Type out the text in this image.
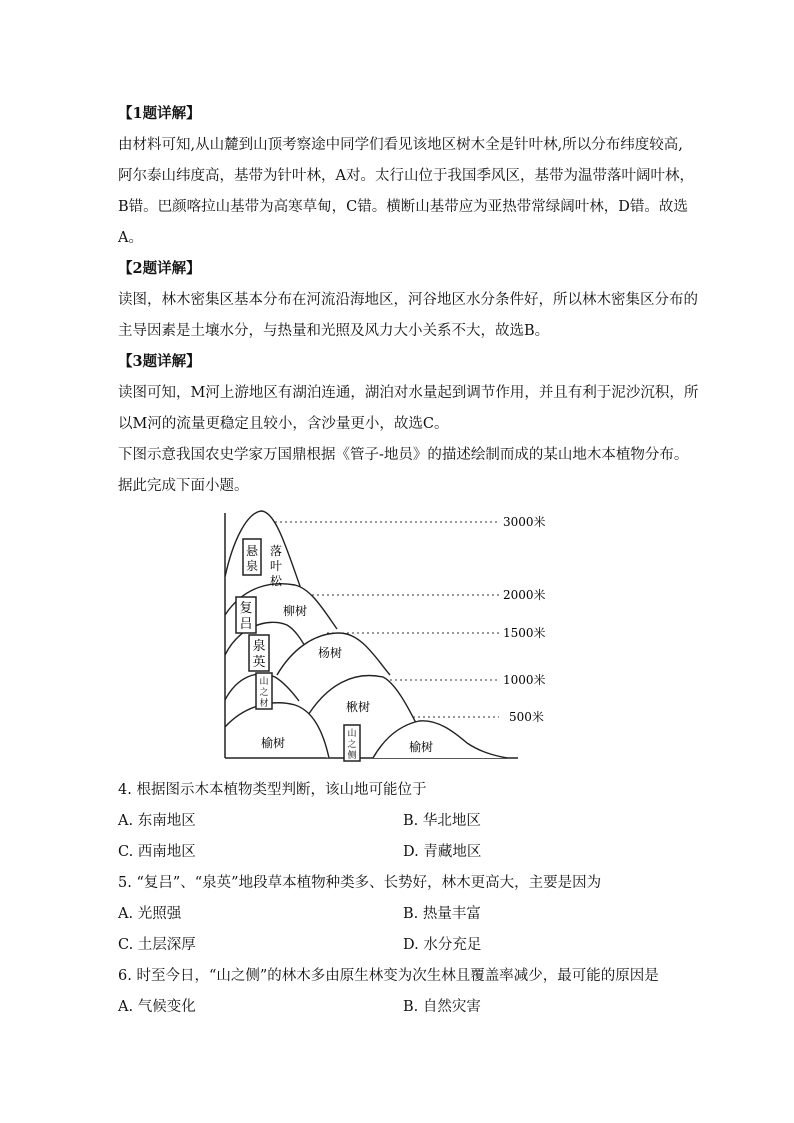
【1题详解】
由材料可知,从山麓到山顶考察途中同学们看见该地区树木全是针叶林,所以分布纬度较高,
阿尔泰山纬度高，基带为针叶林，A对。太行山位于我国季风区，基带为温带落叶阔叶林，
B错。巴颜喀拉山基带为高寒草甸，C错。横断山基带应为亚热带常绿阔叶林，D错。故选
A。
【2题详解】
读图，林木密集区基本分布在河流沿海地区，河谷地区水分条件好，所以林木密集区分布的
主导因素是土壤水分，与热量和光照及风力大小关系不大，故选B。
【3题详解】
读图可知，M河上游地区有湖泊连通，湖泊对水量起到调节作用，并且有利于泥沙沉积，所
以M河的流量更稳定且较小，含沙量更小，故选C。
下图示意我国农史学家万国鼎根据《管子-地员》的描述绘制而成的某山地木本植物分布。
据此完成下面小题。
3000米
2000米
1500米
1000米
500米
悬
泉
复
吕
泉
英
山
之
材
山
之
侧
落
叶
松
柳树
杨树
楸树
榆树	榆树
4. 根据图示木本植物类型判断，该山地可能位于
A. 东南地区	B. 华北地区
C. 西南地区	D. 青藏地区
5. “复吕”、“泉英”地段草本植物种类多、长势好，林木更高大，主要是因为
A. 光照强	B. 热量丰富
C. 土层深厚	D. 水分充足
6. 时至今日，“山之侧”的林木多由原生林变为次生林且覆盖率减少，最可能的原因是
A. 气候变化	B. 自然灾害
